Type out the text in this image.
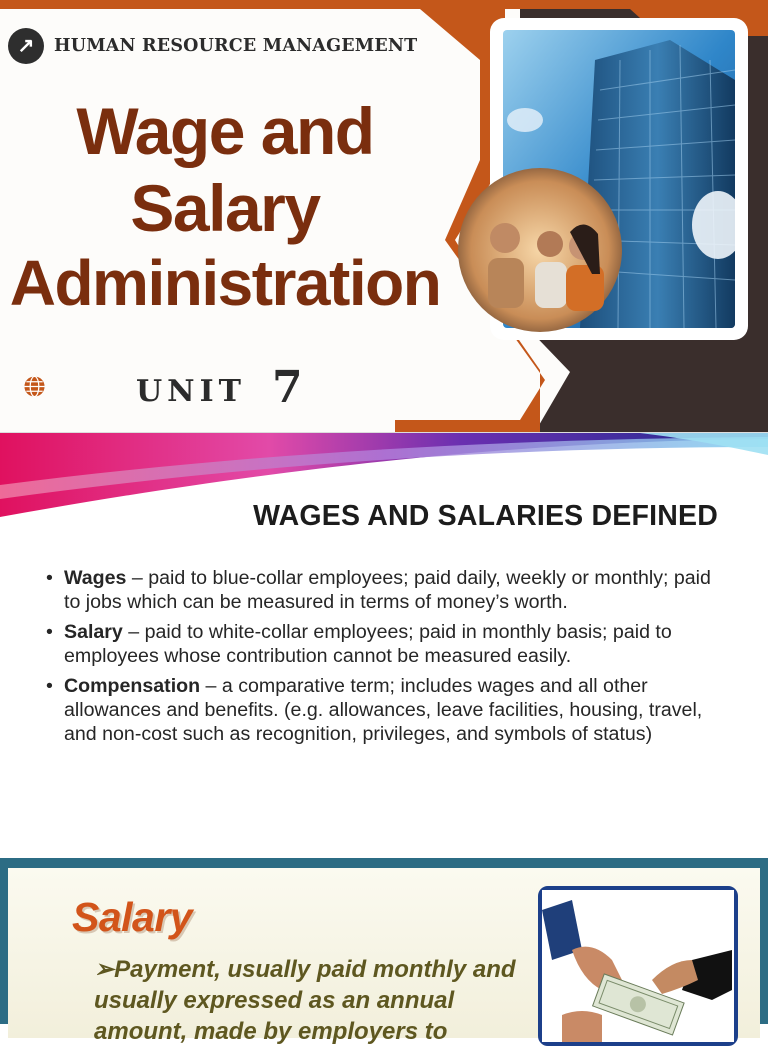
↗	HUMAN RESOURCE MANAGEMENT
Wage and
Salary
Administration
UNIT 7
WAGES AND SALARIES DEFINED
• Wages – paid to blue-collar employees; paid daily, weekly or monthly; paid to jobs which can be measured in terms of money’s worth.
• Salary – paid to white-collar employees; paid in monthly basis; paid to employees whose contribution cannot be measured easily.
• Compensation – a comparative term; includes wages and all other allowances and benefits. (e.g. allowances, leave facilities, housing, travel, and non-cost such as recognition, privileges, and symbols of status)
Salary
➢Payment, usually paid monthly and usually expressed as an annual amount, made by employers to
